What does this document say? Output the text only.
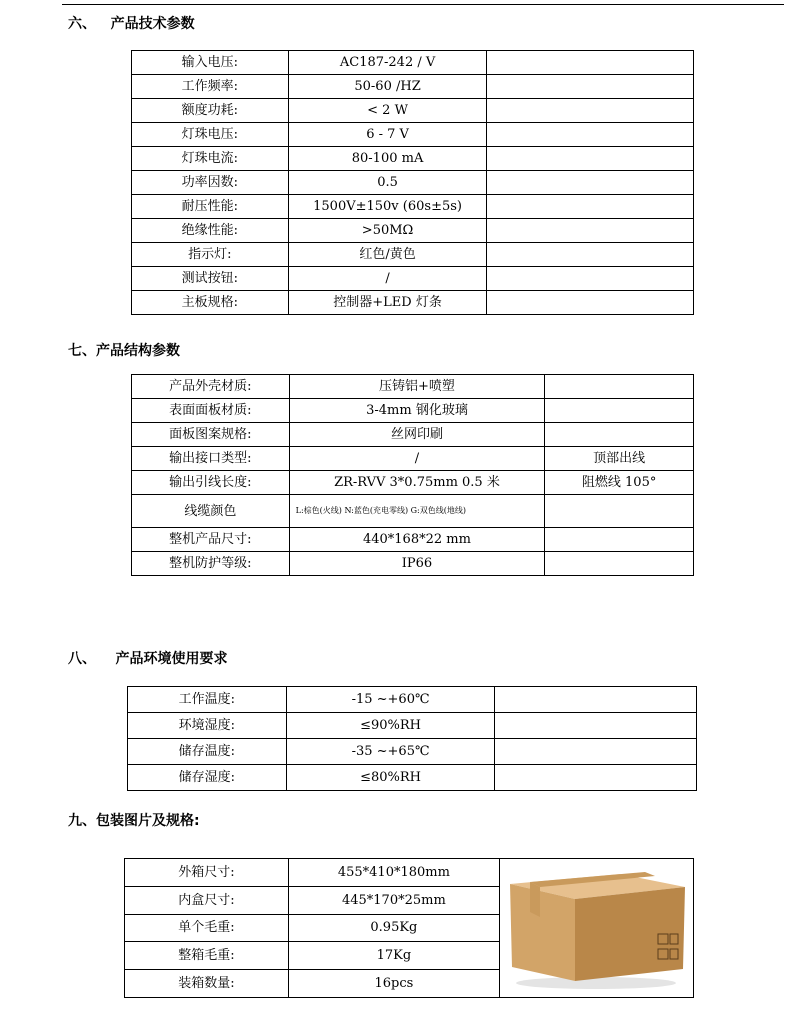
六、   产品技术参数
输入电压:	AC187-242 / V	
工作频率:	50-60 /HZ	
额度功耗:	< 2 W	
灯珠电压:	6 - 7 V	
灯珠电流:	80-100 mA	
功率因数:	0.5	
耐压性能:	1500V±150v (60s±5s)	
绝缘性能:	>50MΩ	
指示灯:	红色/黄色	
测试按钮:	/	
主板规格:	控制器+LED 灯条	
七、产品结构参数
产品外壳材质:	压铸铝+喷塑	
表面面板材质:	3-4mm 钢化玻璃	
面板图案规格:	丝网印刷	
输出接口类型:	/	顶部出线
输出引线长度:	ZR-RVV 3*0.75mm 0.5 米	阻燃线 105°
线缆颜色	L:棕色(火线) N:蓝色(充电零线) G:双色线(地线)	
整机产品尺寸:	440*168*22 mm	
整机防护等级:	IP66	
八、    产品环境使用要求
工作温度:	-15 ~+60℃	
环境湿度:	≤90%RH	
储存温度:	-35 ~+65℃	
储存湿度:	≤80%RH	
九、包装图片及规格:
外箱尺寸:	455*410*180mm	
内盒尺寸:	445*170*25mm	
单个毛重:	0.95Kg	
整箱毛重:	17Kg	
装箱数量:	16pcs	
